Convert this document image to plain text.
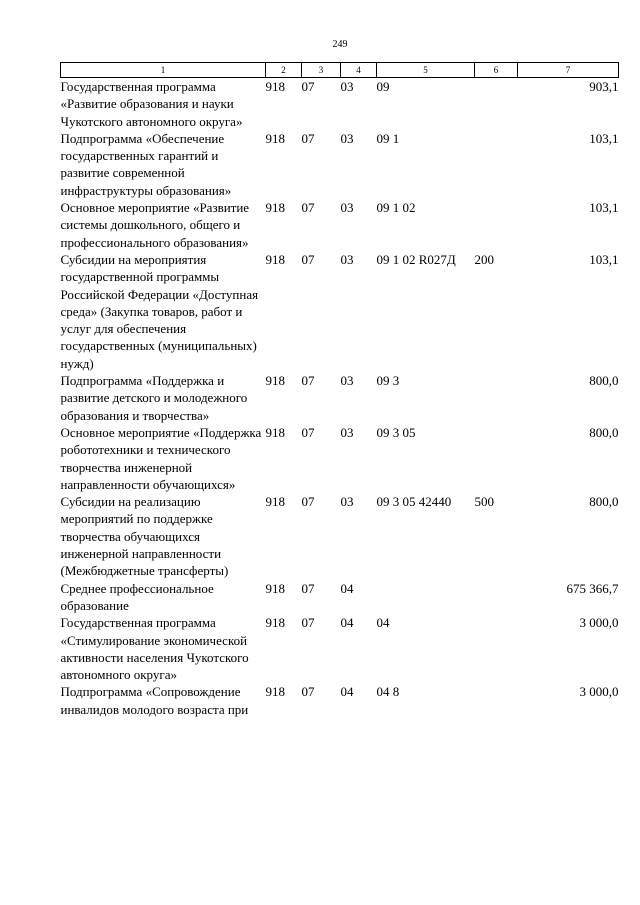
249
1	2	3	4	5	6	7
Государственная программа «Развитие образования и науки Чукотского автономного округа»	918	07	03	09		903,1
Подпрограмма «Обеспечение государственных гарантий и развитие современной инфраструктуры образования»	918	07	03	09 1		103,1
Основное мероприятие «Развитие системы дошкольного, общего и профессионального образования»	918	07	03	09 1 02		103,1
Субсидии на мероприятия государственной программы Российской Федерации «Доступная среда» (Закупка товаров, работ и услуг для обеспечения государственных (муниципальных) нужд)	918	07	03	09 1 02 R027Д	200	103,1
Подпрограмма «Поддержка и развитие детского и молодежного образования и творчества»	918	07	03	09 3		800,0
Основное мероприятие «Поддержка робототехники и технического творчества инженерной направленности обучающихся»	918	07	03	09 3 05		800,0
Субсидии на реализацию мероприятий по поддержке творчества обучающихся инженерной направленности (Межбюджетные трансферты)	918	07	03	09 3 05 42440	500	800,0
Среднее профессиональное образование	918	07	04			675 366,7
Государственная программа «Стимулированиe экономической активности населения Чукотского автономного округа»	918	07	04	04		3 000,0
Подпрограмма «Сопровождение инвалидов молодого возраста при	918	07	04	04 8		3 000,0
